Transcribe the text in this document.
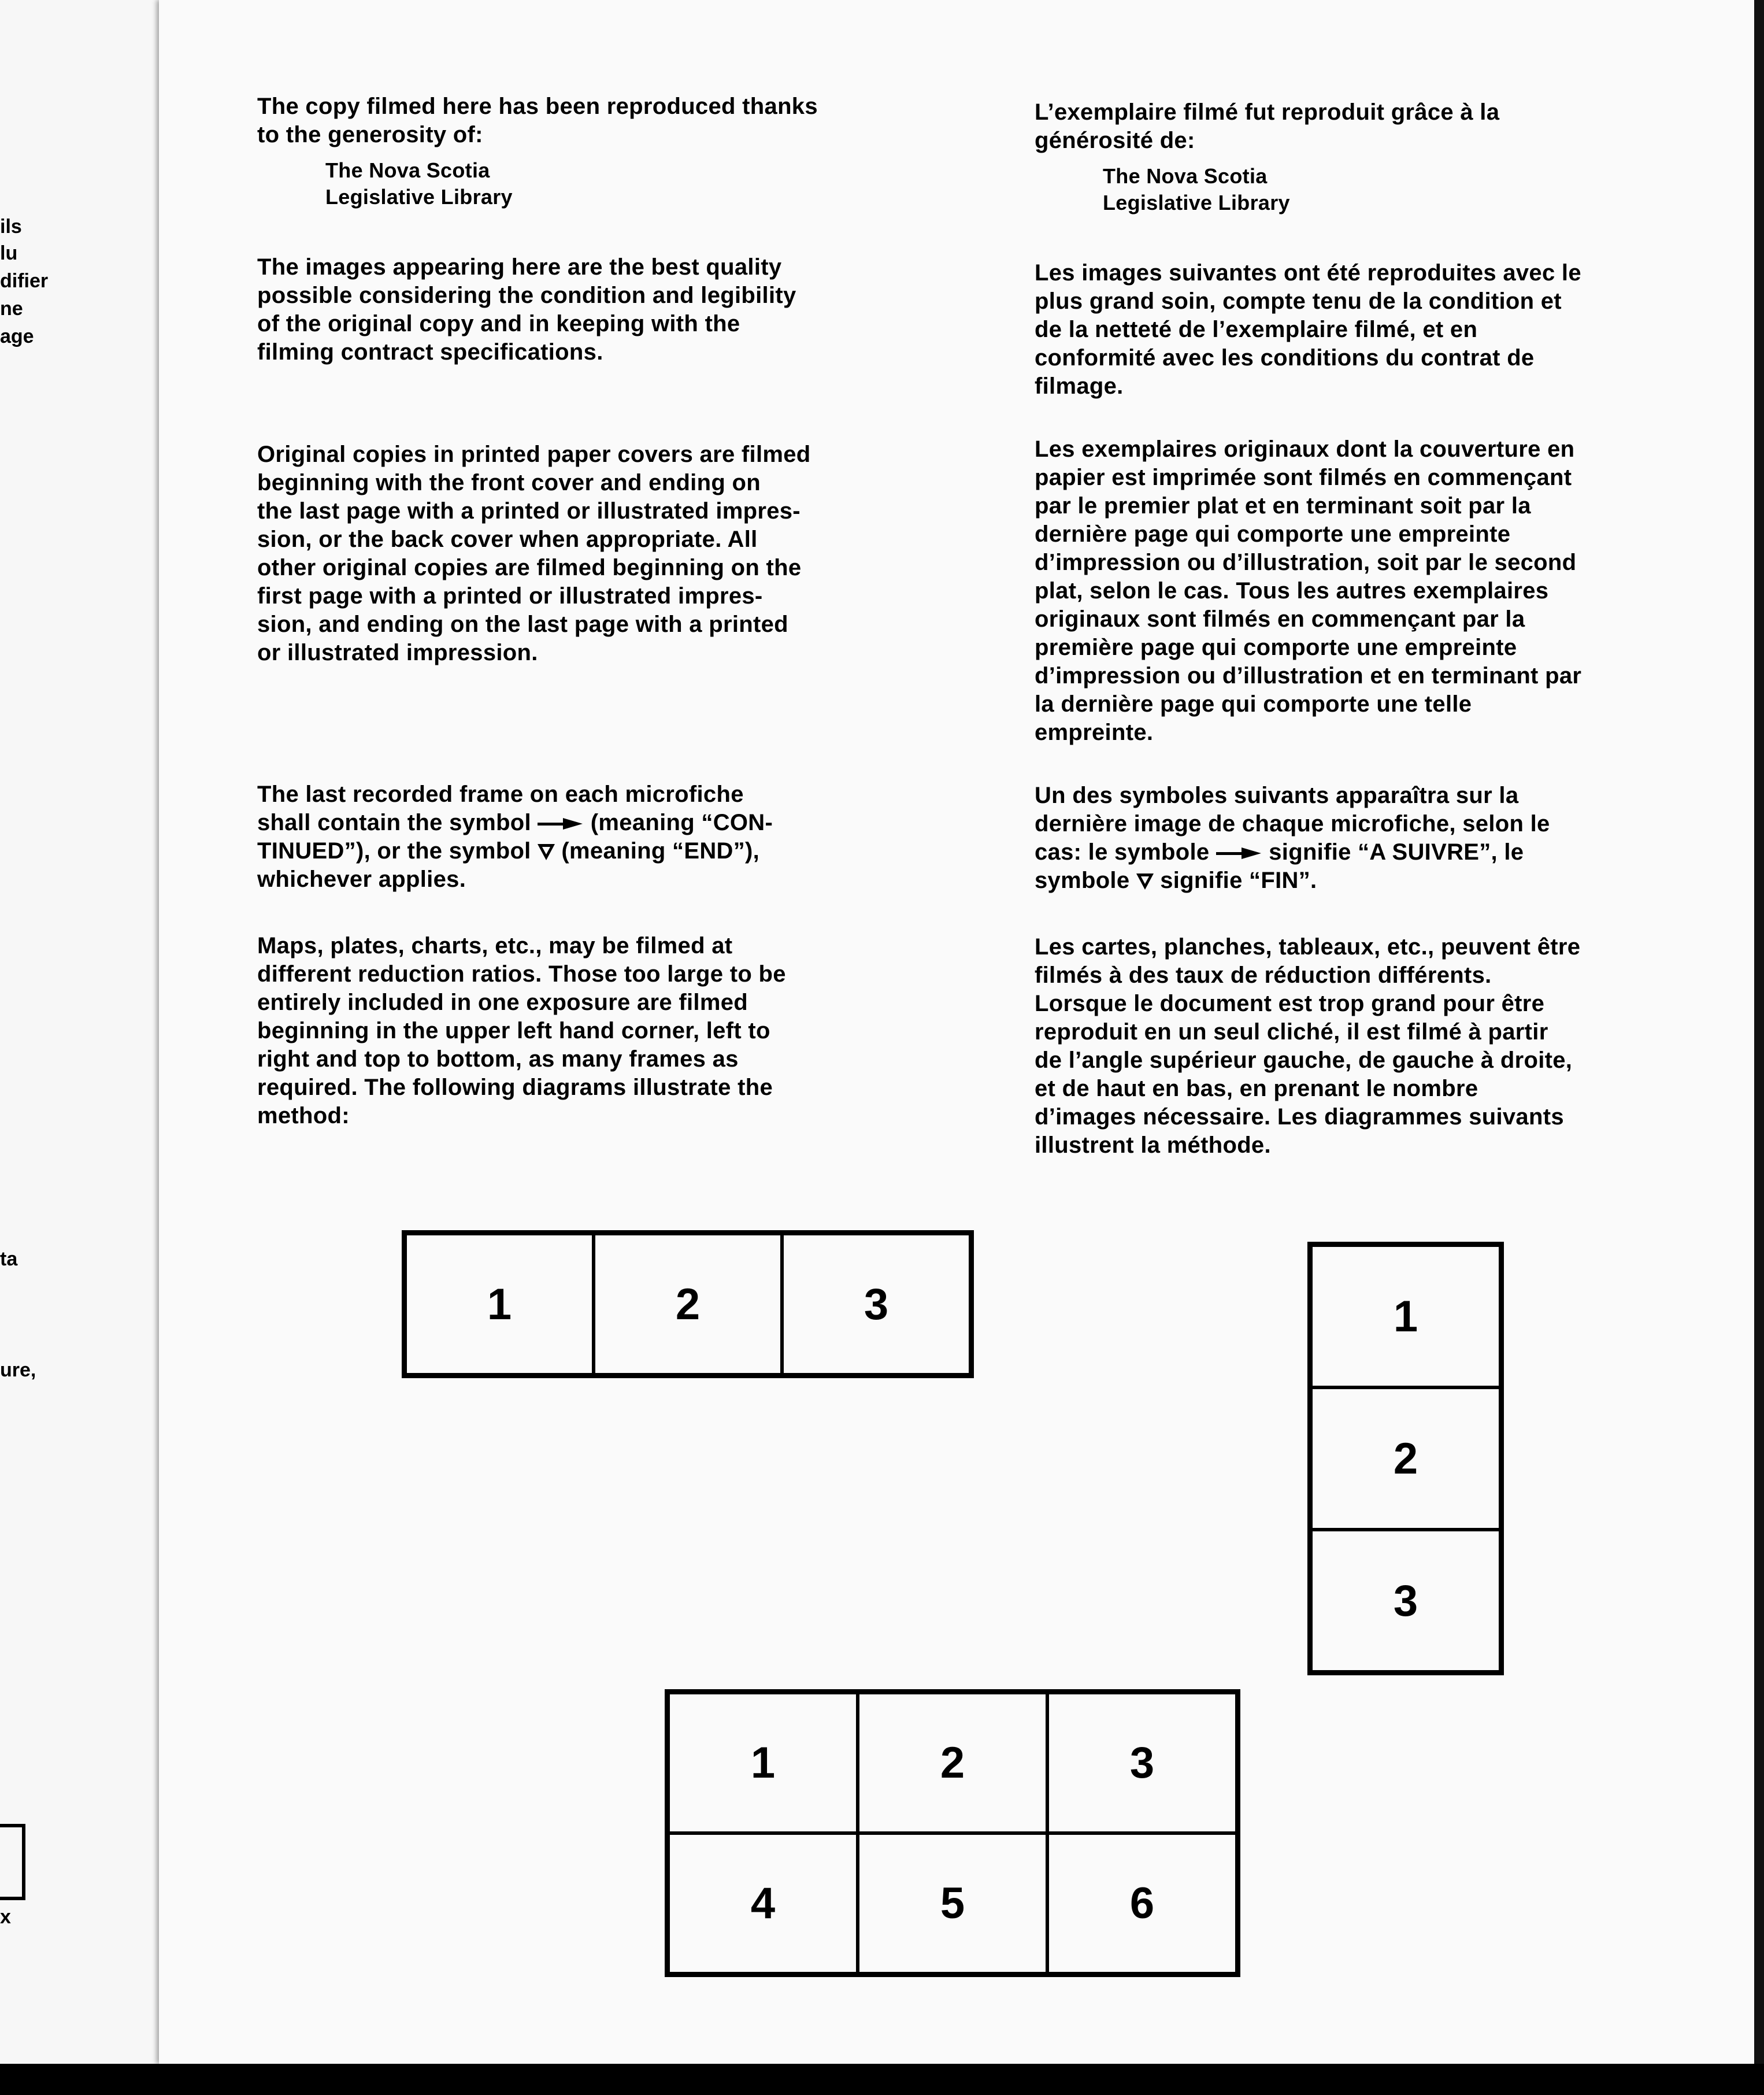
ils
lu
difier
ne
age
ta
ure,
x

The copy filmed here has been reproduced thanks
to the generosity of:

The Nova Scotia
Legislative Library

The images appearing here are the best quality
possible considering the condition and legibility
of the original copy and in keeping with the
filming contract specifications.

Original copies in printed paper covers are filmed
beginning with the front cover and ending on
the last page with a printed or illustrated impres-
sion, or the back cover when appropriate. All
other original copies are filmed beginning on the
first page with a printed or illustrated impres-
sion, and ending on the last page with a printed
or illustrated impression.

The last recorded frame on each microfiche
shall contain the symbol	(meaning “CON-
TINUED”), or the symbol  (meaning “END”),
whichever applies.

Maps, plates, charts, etc., may be filmed at
different reduction ratios. Those too large to be
entirely included in one exposure are filmed
beginning in the upper left hand corner, left to
right and top to bottom, as many frames as
required. The following diagrams illustrate the
method:

L’exemplaire filmé fut reproduit grâce à la
générosité de:

The Nova Scotia
Legislative Library

Les images suivantes ont été reproduites avec le
plus grand soin, compte tenu de la condition et
de la netteté de l’exemplaire filmé, et en
conformité avec les conditions du contrat de
filmage.

Les exemplaires originaux dont la couverture en
papier est imprimée sont filmés en commençant
par le premier plat et en terminant soit par la
dernière page qui comporte une empreinte
d’impression ou d’illustration, soit par le second
plat, selon le cas. Tous les autres exemplaires
originaux sont filmés en commençant par la
première page qui comporte une empreinte
d’impression ou d’illustration et en terminant par
la dernière page qui comporte une telle
empreinte.

Un des symboles suivants apparaîtra sur la
dernière image de chaque microfiche, selon le
cas: le symbole	signifie “A SUIVRE”, le
symbole  signifie “FIN”.

Les cartes, planches, tableaux, etc., peuvent être
filmés à des taux de réduction différents.
Lorsque le document est trop grand pour être
reproduit en un seul cliché, il est filmé à partir
de l’angle supérieur gauche, de gauche à droite,
et de haut en bas, en prenant le nombre
d’images nécessaire. Les diagrammes suivants
illustrent la méthode.

1	2	3	1
2
3
1	2	3
4	5	6
